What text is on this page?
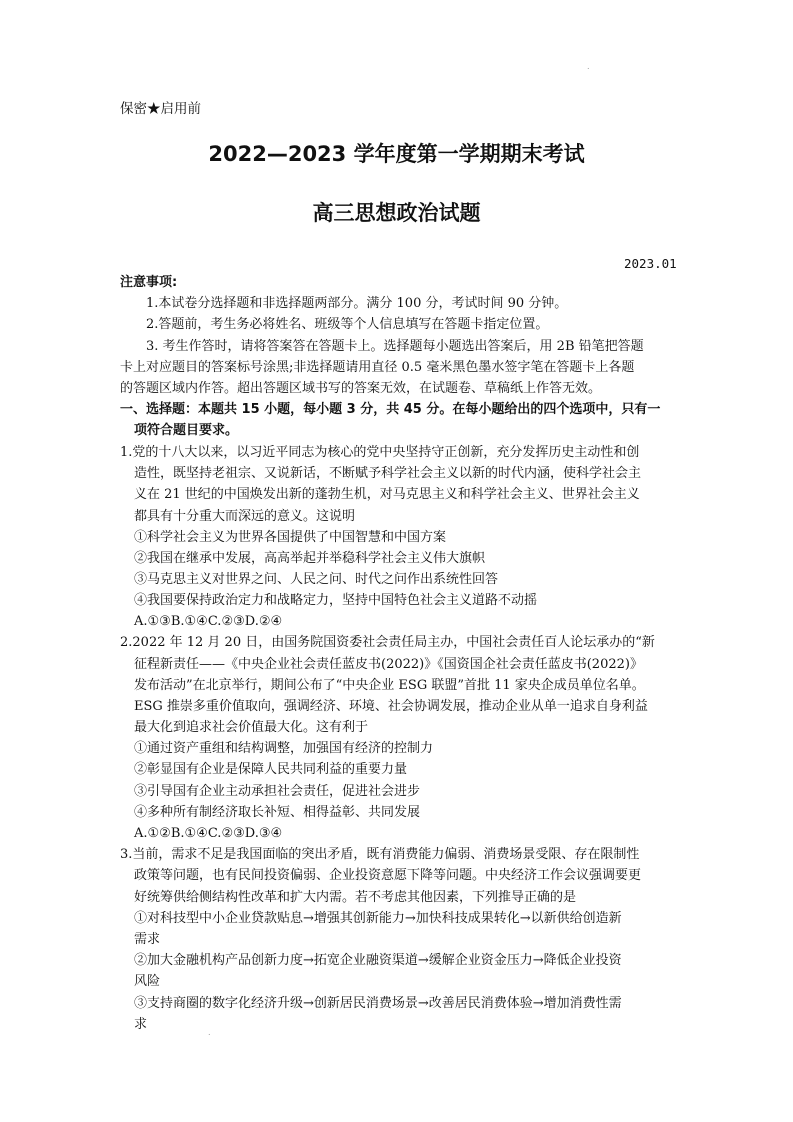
.
保密★启用前
2022—2023 学年度第一学期期末考试
高三思想政治试题
2023.01
注意事项:
1.本试卷分选择题和非选择题两部分。满分 100 分，考试时间 90 分钟。
2.答题前，考生务必将姓名、班级等个人信息填写在答题卡指定位置。
3. 考生作答时，请将答案答在答题卡上。选择题每小题选出答案后，用 2B 铅笔把答题
卡上对应题目的答案标号涂黑;非选择题请用直径 0.5 毫米黑色墨水签字笔在答题卡上各题
的答题区域内作答。超出答题区域书写的答案无效，在试题卷、草稿纸上作答无效。
一、选择题：本题共 15 小题，每小题 3 分，共 45 分。在每小题给出的四个选项中，只有一
项符合题目要求。
1.党的十八大以来，以习近平同志为核心的党中央坚持守正创新，充分发挥历史主动性和创
造性，既坚持老祖宗、又说新话，不断赋予科学社会主义以新的时代内涵，使科学社会主
义在 21 世纪的中国焕发出新的蓬勃生机，对马克思主义和科学社会主义、世界社会主义
都具有十分重大而深远的意义。这说明
①科学社会主义为世界各国提供了中国智慧和中国方案
②我国在继承中发展，高高举起并举稳科学社会主义伟大旗帜
③马克思主义对世界之问、人民之问、时代之问作出系统性回答
④我国要保持政治定力和战略定力，坚持中国特色社会主义道路不动摇
A.①③B.①④C.②③D.②④
2.2022 年 12 月 20 日，由国务院国资委社会责任局主办，中国社会责任百人论坛承办的“新
征程新责任——《中央企业社会责任蓝皮书(2022)》《国资国企社会责任蓝皮书(2022)》
发布活动”在北京举行，期间公布了“中央企业 ESG 联盟”首批 11 家央企成员单位名单。
ESG 推崇多重价值取向，强调经济、环境、社会协调发展，推动企业从单一追求自身利益
最大化到追求社会价值最大化。这有利于
①通过资产重组和结构调整，加强国有经济的控制力
②彰显国有企业是保障人民共同利益的重要力量
③引导国有企业主动承担社会责任，促进社会进步
④多种所有制经济取长补短、相得益彰、共同发展
A.①②B.①④C.②③D.③④
3.当前，需求不足是我国面临的突出矛盾，既有消费能力偏弱、消费场景受限、存在限制性
政策等问题，也有民间投资偏弱、企业投资意愿下降等问题。中央经济工作会议强调要更
好统筹供给侧结构性改革和扩大内需。若不考虑其他因素，下列推导正确的是
①对科技型中小企业贷款贴息→增强其创新能力→加快科技成果转化→以新供给创造新
需求
②加大金融机构产品创新力度→拓宽企业融资渠道→缓解企业资金压力→降低企业投资
风险
③支持商圈的数字化经济升级→创新居民消费场景→改善居民消费体验→增加消费性需
求
.
